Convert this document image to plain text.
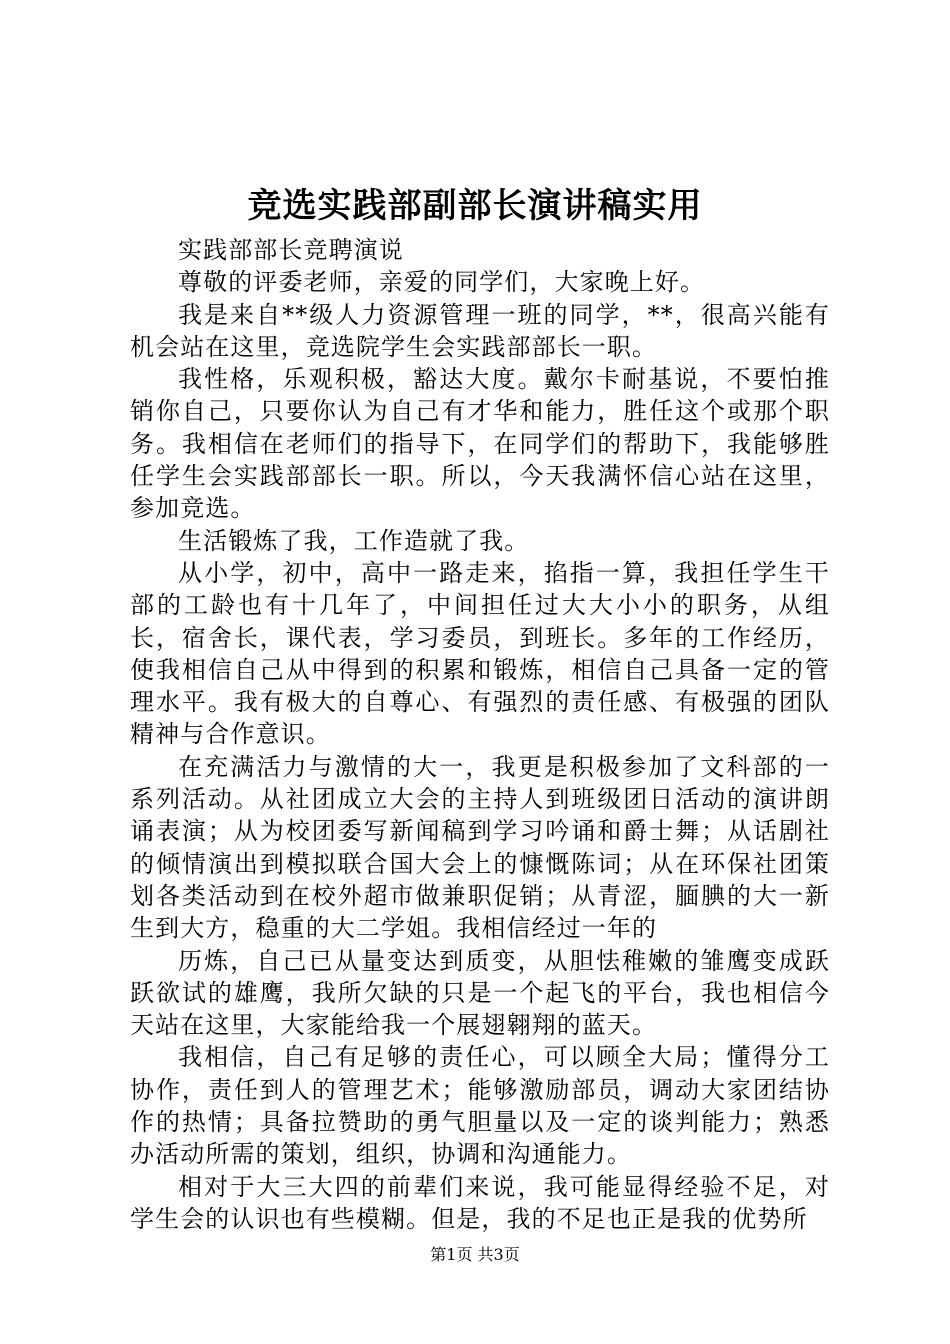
竞选实践部副部长演讲稿实用

实践部部长竞聘演说

尊敬的评委老师，亲爱的同学们，大家晚上好。

我是来自**级人力资源管理一班的同学，**，很高兴能有机会站在这里，竞选院学生会实践部部长一职。

我性格，乐观积极，豁达大度。戴尔卡耐基说，不要怕推销你自己，只要你认为自己有才华和能力，胜任这个或那个职务。我相信在老师们的指导下，在同学们的帮助下，我能够胜任学生会实践部部长一职。所以，今天我满怀信心站在这里，参加竞选。

生活锻炼了我，工作造就了我。

从小学，初中，高中一路走来，掐指一算，我担任学生干部的工龄也有十几年了，中间担任过大大小小的职务，从组长，宿舍长，课代表，学习委员，到班长。多年的工作经历，使我相信自己从中得到的积累和锻炼，相信自己具备一定的管理水平。我有极大的自尊心、有强烈的责任感、有极强的团队精神与合作意识。

在充满活力与激情的大一，我更是积极参加了文科部的一系列活动。从社团成立大会的主持人到班级团日活动的演讲朗诵表演；从为校团委写新闻稿到学习吟诵和爵士舞；从话剧社的倾情演出到模拟联合国大会上的慷慨陈词；从在环保社团策划各类活动到在校外超市做兼职促销；从青涩，腼腆的大一新生到大方，稳重的大二学姐。我相信经过一年的

历炼，自己已从量变达到质变，从胆怯稚嫩的雏鹰变成跃跃欲试的雄鹰，我所欠缺的只是一个起飞的平台，我也相信今天站在这里，大家能给我一个展翅翱翔的蓝天。

我相信，自己有足够的责任心，可以顾全大局；懂得分工协作，责任到人的管理艺术；能够激励部员，调动大家团结协作的热情；具备拉赞助的勇气胆量以及一定的谈判能力；熟悉办活动所需的策划，组织，协调和沟通能力。

相对于大三大四的前辈们来说，我可能显得经验不足，对学生会的认识也有些模糊。但是，我的不足也正是我的优势所

第1页 共3页
